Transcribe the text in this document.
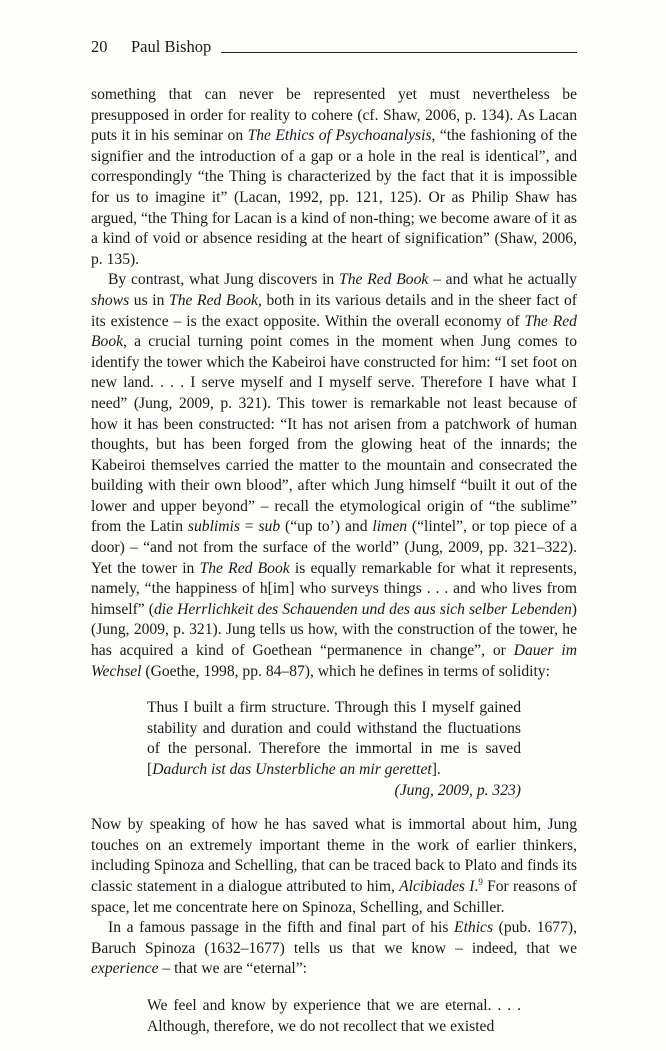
20 Paul Bishop

something that can never be represented yet must nevertheless be presupposed in order for reality to cohere (cf. Shaw, 2006, p. 134). As Lacan puts it in his seminar on The Ethics of Psychoanalysis, “the fashioning of the signifier and the introduction of a gap or a hole in the real is identical”, and correspondingly “the Thing is characterized by the fact that it is impossible for us to imagine it” (Lacan, 1992, pp. 121, 125). Or as Philip Shaw has argued, “the Thing for Lacan is a kind of non-thing; we become aware of it as a kind of void or absence residing at the heart of signification” (Shaw, 2006, p. 135).

By contrast, what Jung discovers in The Red Book – and what he actually shows us in The Red Book, both in its various details and in the sheer fact of its existence – is the exact opposite. Within the overall economy of The Red Book, a crucial turning point comes in the moment when Jung comes to identify the tower which the Kabeiroi have constructed for him: “I set foot on new land. . . . I serve myself and I myself serve. Therefore I have what I need” (Jung, 2009, p. 321). This tower is remarkable not least because of how it has been constructed: “It has not arisen from a patchwork of human thoughts, but has been forged from the glowing heat of the innards; the Kabeiroi themselves carried the matter to the mountain and consecrated the building with their own blood”, after which Jung himself “built it out of the lower and upper beyond” – recall the etymological origin of “the sublime” from the Latin sublimis = sub (“up to’) and limen (“lintel”, or top piece of a door) – “and not from the surface of the world” (Jung, 2009, pp. 321–322). Yet the tower in The Red Book is equally remarkable for what it represents, namely, “the happiness of h[im] who surveys things . . . and who lives from himself” (die Herrlichkeit des Schauenden und des aus sich selber Lebenden) (Jung, 2009, p. 321). Jung tells us how, with the construction of the tower, he has acquired a kind of Goethean “permanence in change”, or Dauer im Wechsel (Goethe, 1998, pp. 84–87), which he defines in terms of solidity:

Thus I built a firm structure. Through this I myself gained stability and duration and could withstand the fluctuations of the personal. Therefore the immortal in me is saved [Dadurch ist das Unsterbliche an mir gerettet].

(Jung, 2009, p. 323)

Now by speaking of how he has saved what is immortal about him, Jung touches on an extremely important theme in the work of earlier thinkers, including Spinoza and Schelling, that can be traced back to Plato and finds its classic statement in a dialogue attributed to him, Alcibiades I.$^9$ For reasons of space, let me concentrate here on Spinoza, Schelling, and Schiller.

In a famous passage in the fifth and final part of his Ethics (pub. 1677), Baruch Spinoza (1632–1677) tells us that we know – indeed, that we experience – that we are “eternal”:

We feel and know by experience that we are eternal. . . . Although, therefore, we do not recollect that we existed
